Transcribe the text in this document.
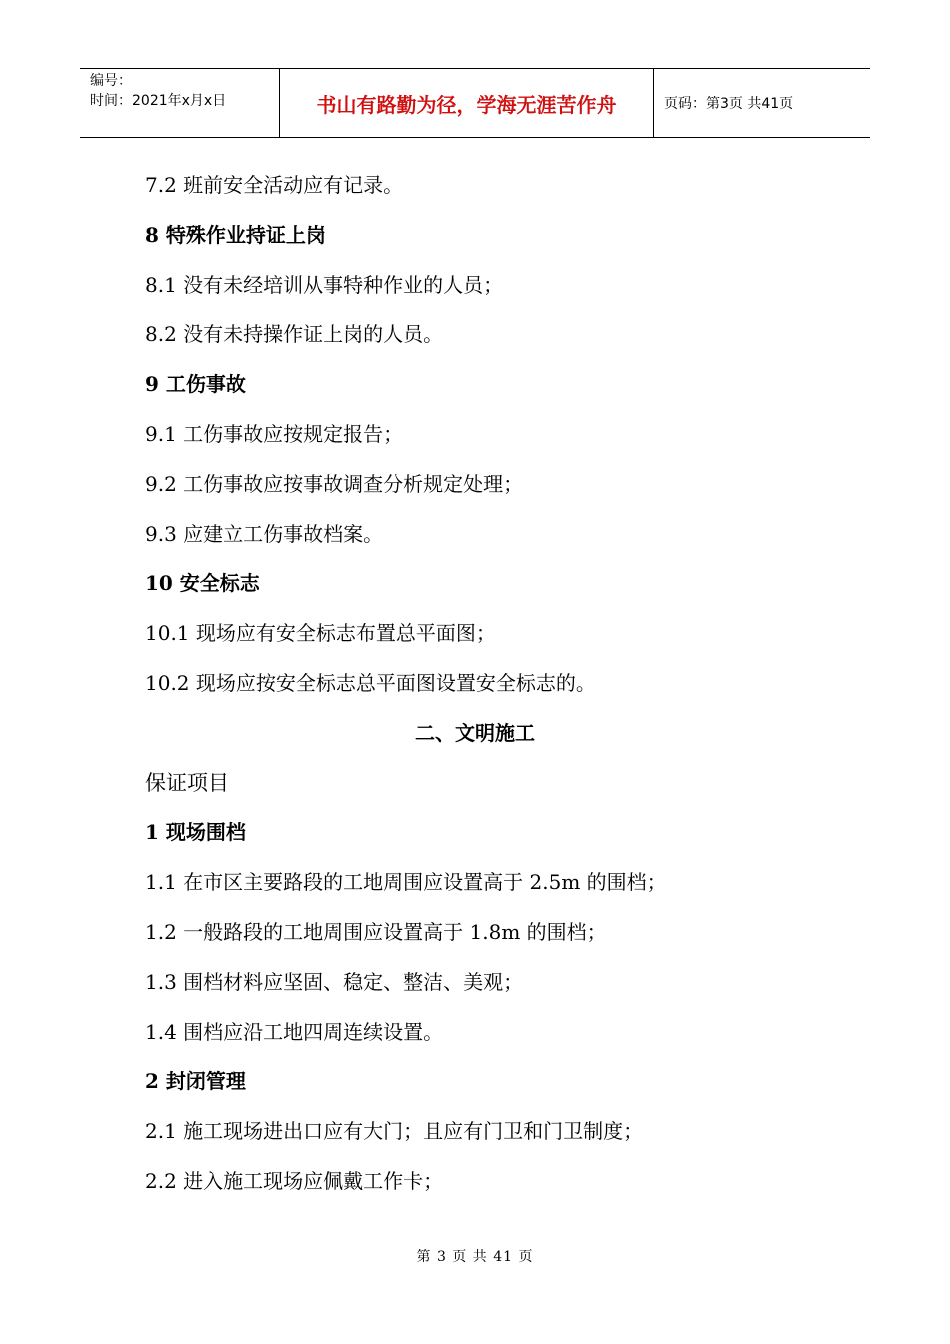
编号：
时间：2021年x月x日	书山有路勤为径，学海无涯苦作舟	页码：第3页 共41页
7.2 班前安全活动应有记录。
8 特殊作业持证上岗
8.1 没有未经培训从事特种作业的人员；
8.2 没有未持操作证上岗的人员。
9 工伤事故
9.1 工伤事故应按规定报告；
9.2 工伤事故应按事故调查分析规定处理；
9.3 应建立工伤事故档案。
10 安全标志
10.1 现场应有安全标志布置总平面图；
10.2 现场应按安全标志总平面图设置安全标志的。
二、文明施工
保证项目
1 现场围档
1.1 在市区主要路段的工地周围应设置高于 2.5m 的围档；
1.2 一般路段的工地周围应设置高于 1.8m 的围档；
1.3 围档材料应坚固、稳定、整洁、美观；
1.4 围档应沿工地四周连续设置。
2 封闭管理
2.1 施工现场进出口应有大门；且应有门卫和门卫制度；
2.2 进入施工现场应佩戴工作卡；
第 3 页 共 41 页
